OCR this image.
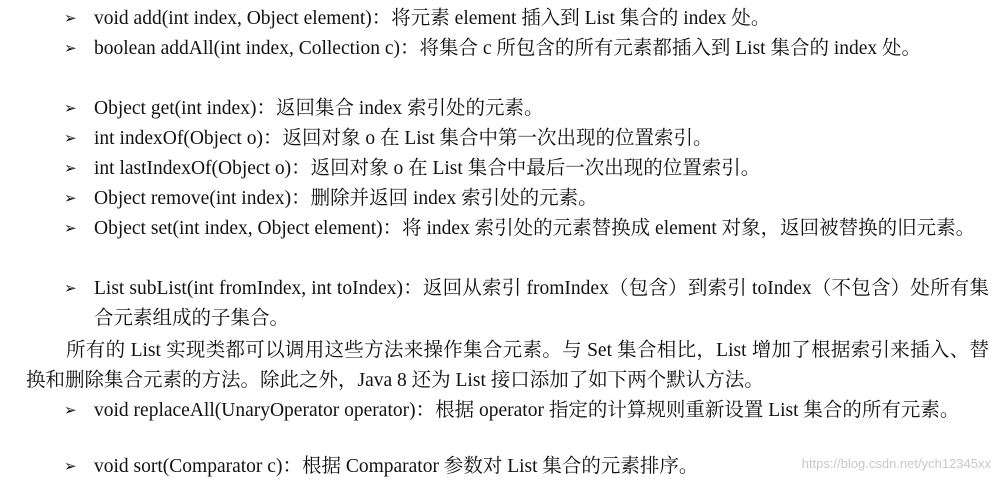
➢ void add(int index, Object element)：将元素 element 插入到 List 集合的 index 处。
➢ boolean addAll(int index, Collection c)：将集合 c 所包含的所有元素都插入到 List 集合的 index 处。
➢ Object get(int index)：返回集合 index 索引处的元素。
➢ int indexOf(Object o)：返回对象 o 在 List 集合中第一次出现的位置索引。
➢ int lastIndexOf(Object o)：返回对象 o 在 List 集合中最后一次出现的位置索引。
➢ Object remove(int index)：删除并返回 index 索引处的元素。
➢ Object set(int index, Object element)：将 index 索引处的元素替换成 element 对象，返回被替换的旧元素。
➢ List subList(int fromIndex, int toIndex)：返回从索引 fromIndex（包含）到索引 toIndex（不包含）处所有集合元素组成的子集合。
所有的 List 实现类都可以调用这些方法来操作集合元素。与 Set 集合相比，List 增加了根据索引来插入、替换和删除集合元素的方法。除此之外，Java 8 还为 List 接口添加了如下两个默认方法。
➢ void replaceAll(UnaryOperator operator)：根据 operator 指定的计算规则重新设置 List 集合的所有元素。
➢ void sort(Comparator c)：根据 Comparator 参数对 List 集合的元素排序。	https://blog.csdn.net/ych12345xx
